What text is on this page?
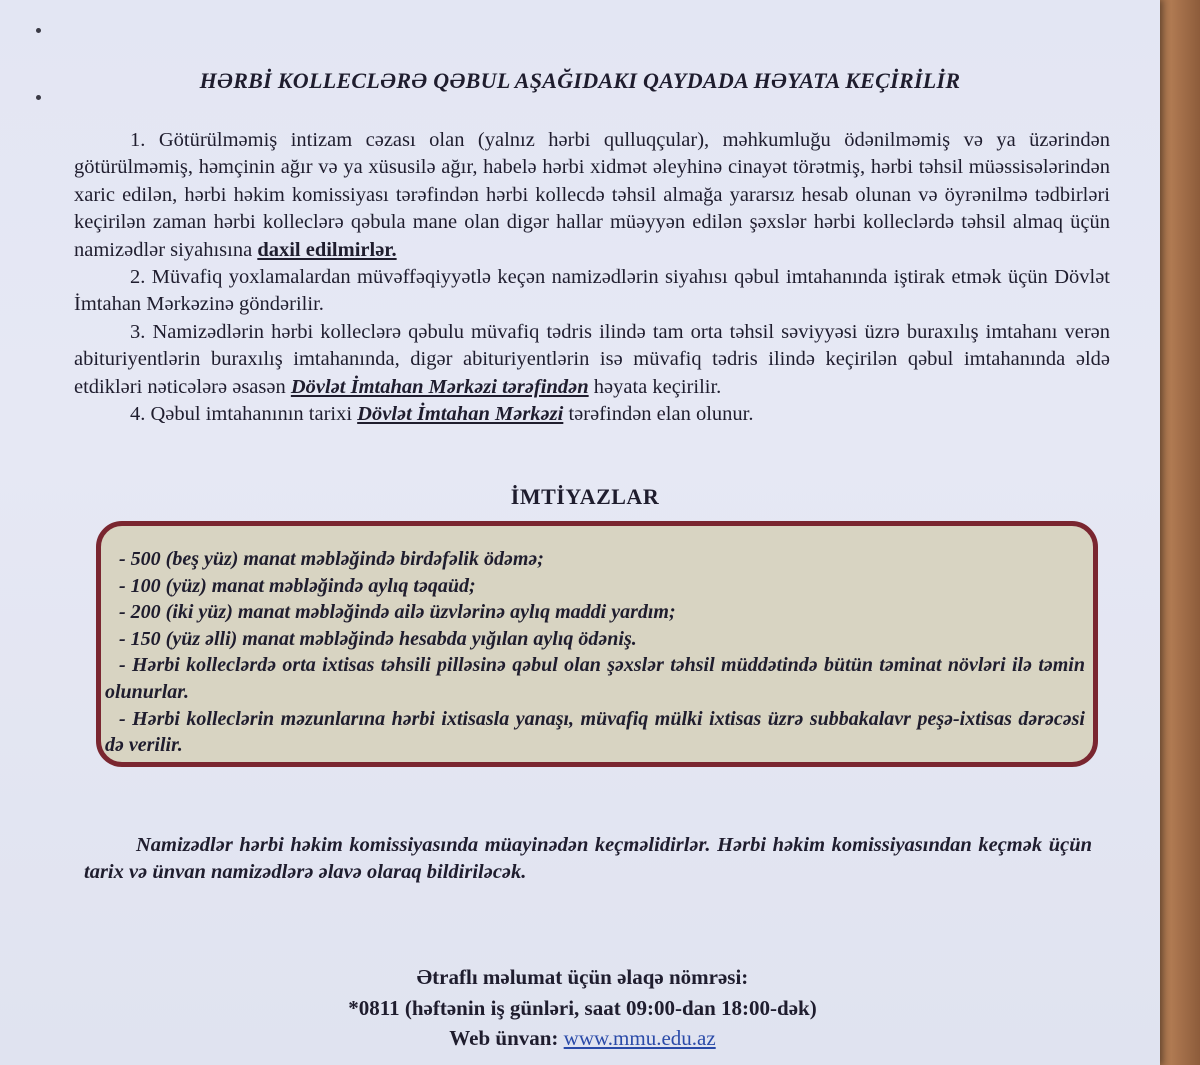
HƏRBİ KOLLECLƏRƏ QƏBUL AŞAĞIDAKI QAYDADA HƏYATA KEÇİRİLİR

1. Götürülməmiş intizam cəzası olan (yalnız hərbi qulluqçular), məhkumluğu ödənilməmiş və ya üzərindən götürülməmiş, həmçinin ağır və ya xüsusilə ağır, habelə hərbi xidmət əleyhinə cinayət törətmiş, hərbi təhsil müəssisələrindən xaric edilən, hərbi həkim komissiyası tərəfindən hərbi kollecdə təhsil almağa yararsız hesab olunan və öyrənilmə tədbirləri keçirilən zaman hərbi kolleclərə qəbula mane olan digər hallar müəyyən edilən şəxslər hərbi kolleclərdə təhsil almaq üçün namizədlər siyahısına daxil edilmirlər.

2. Müvafiq yoxlamalardan müvəffəqiyyətlə keçən namizədlərin siyahısı qəbul imtahanında iştirak etmək üçün Dövlət İmtahan Mərkəzinə göndərilir.

3. Namizədlərin hərbi kolleclərə qəbulu müvafiq tədris ilində tam orta təhsil səviyyəsi üzrə buraxılış imtahanı verən abituriyentlərin buraxılış imtahanında, digər abituriyentlərin isə müvafiq tədris ilində keçirilən qəbul imtahanında əldə etdikləri nəticələrə əsasən Dövlət İmtahan Mərkəzi tərəfindən həyata keçirilir.

4. Qəbul imtahanının tarixi Dövlət İmtahan Mərkəzi tərəfindən elan olunur.

İMTİYAZLAR
- 500 (beş yüz) manat məbləğində birdəfəlik ödəmə;
- 100 (yüz) manat məbləğində aylıq təqaüd;
- 200 (iki yüz) manat məbləğində ailə üzvlərinə aylıq maddi yardım;
- 150 (yüz əlli) manat məbləğində hesabda yığılan aylıq ödəniş.
- Hərbi kolleclərdə orta ixtisas təhsili pilləsinə qəbul olan şəxslər təhsil müddətində bütün təminat növləri ilə təmin olunurlar.
- Hərbi kolleclərin məzunlarına hərbi ixtisasla yanaşı, müvafiq mülki ixtisas üzrə subbakalavr peşə-ixtisas dərəcəsi də verilir.
Namizədlər hərbi həkim komissiyasında müayinədən keçməlidirlər. Hərbi həkim komissiyasından keçmək üçün tarix və ünvan namizədlərə əlavə olaraq bildiriləcək.
Ətraflı məlumat üçün əlaqə nömrəsi:
*0811 (həftənin iş günləri, saat 09:00-dan 18:00-dək)
Web ünvan: www.mmu.edu.az
